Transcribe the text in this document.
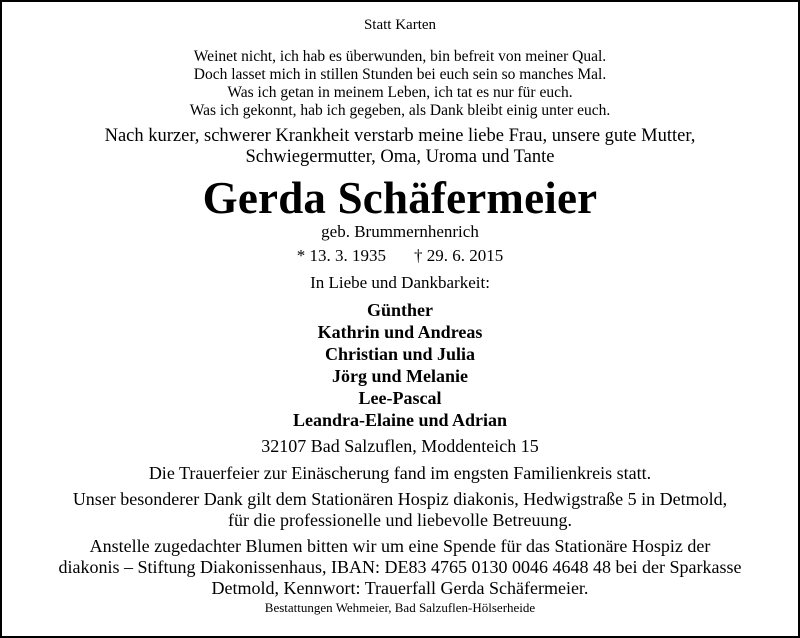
Statt Karten
Weinet nicht, ich hab es überwunden, bin befreit von meiner Qual.
Doch lasset mich in stillen Stunden bei euch sein so manches Mal.
Was ich getan in meinem Leben, ich tat es nur für euch.
Was ich gekonnt, hab ich gegeben, als Dank bleibt einig unter euch.
Nach kurzer, schwerer Krankheit verstarb meine liebe Frau, unsere gute Mutter,
Schwiegermutter, Oma, Uroma und Tante
Gerda Schäfermeier
geb. Brummernhenrich
* 13. 3. 1935 † 29. 6. 2015
In Liebe und Dankbarkeit:
Günther
Kathrin und Andreas
Christian und Julia
Jörg und Melanie
Lee-Pascal
Leandra-Elaine und Adrian
32107 Bad Salzuflen, Moddenteich 15
Die Trauerfeier zur Einäscherung fand im engsten Familienkreis statt.
Unser besonderer Dank gilt dem Stationären Hospiz diakonis, Hedwigstraße 5 in Detmold,
für die professionelle und liebevolle Betreuung.
Anstelle zugedachter Blumen bitten wir um eine Spende für das Stationäre Hospiz der
diakonis – Stiftung Diakonissenhaus, IBAN: DE83 4765 0130 0046 4648 48 bei der Sparkasse
Detmold, Kennwort: Trauerfall Gerda Schäfermeier.
Bestattungen Wehmeier, Bad Salzuflen-Hölserheide
